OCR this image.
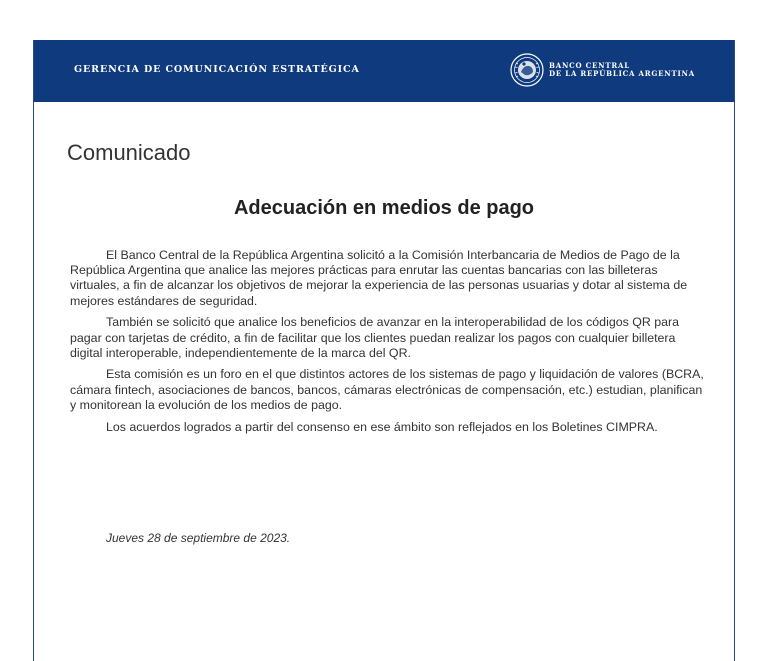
GERENCIA DE COMUNICACIÓN ESTRATÉGICA	BANCO CENTRAL
DE LA REPÚBLICA ARGENTINA
Comunicado
Adecuación en medios de pago

El Banco Central de la República Argentina solicitó a la Comisión Interbancaria de Medios de Pago de la República Argentina que analice las mejores prácticas para enrutar las cuentas bancarias con las billeteras virtuales, a fin de alcanzar los objetivos de mejorar la experiencia de las personas usuarias y dotar al sistema de mejores estándares de seguridad.

También se solicitó que analice los beneficios de avanzar en la interoperabilidad de los códigos QR para pagar con tarjetas de crédito, a fin de facilitar que los clientes puedan realizar los pagos con cualquier billetera digital interoperable, independientemente de la marca del QR.

Esta comisión es un foro en el que distintos actores de los sistemas de pago y liquidación de valores (BCRA, cámara fintech, asociaciones de bancos, bancos, cámaras electrónicas de compensación, etc.) estudian, planifican y monitorean la evolución de los medios de pago.

Los acuerdos logrados a partir del consenso en ese ámbito son reflejados en los Boletines CIMPRA.

Jueves 28 de septiembre de 2023.
